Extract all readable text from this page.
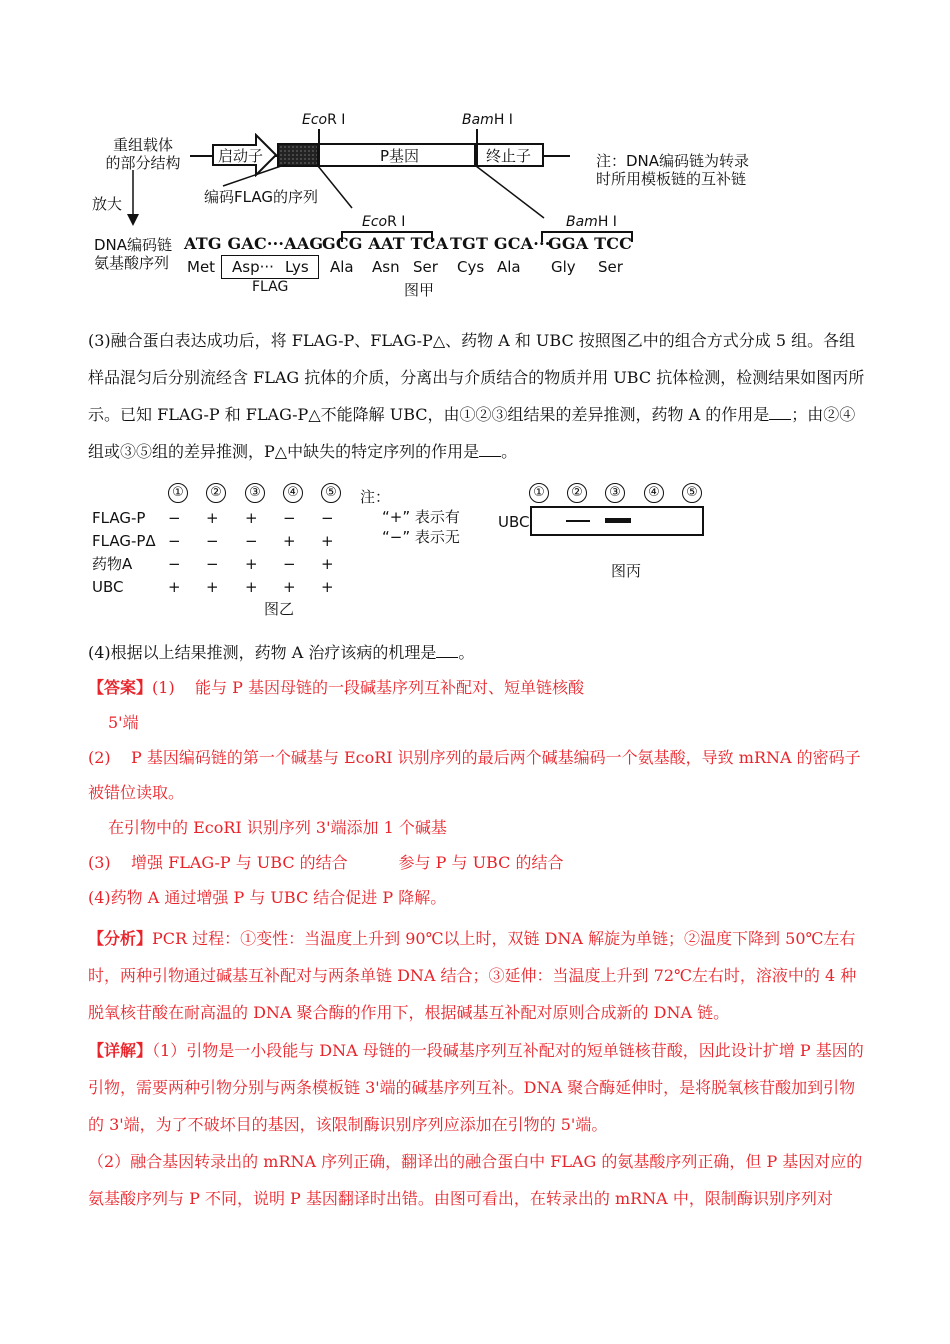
重组载体
的部分结构	启动子	P基因	终止子
EcoR I	BamH I
编码FLAG的序列
注：DNA编码链为转录
时所用模板链的互补链
放大
EcoR I	BamH I
DNA编码链
氨基酸序列
ATG GAC···AAG
GCG AAT TCA TGT GCA···
GGA TCC
Met Asp··· Lys Ala Asn Ser Cys Ala Gly Ser
FLAG	图甲
(3)融合蛋白表达成功后，将 FLAG-P、FLAG-P△、药物 A 和 UBC 按照图乙中的组合方式分成 5 组。各组样品混匀后分别流经含 FLAG 抗体的介质，分离出与介质结合的物质并用 UBC 抗体检测，检测结果如图丙所示。已知 FLAG-P 和 FLAG-P△不能降解 UBC，由①②③组结果的差异推测，药物 A 的作用是 ；由②④组或③⑤组的差异推测，P△中缺失的特定序列的作用是 。
①	②	③	④	⑤
FLAG-P	−	+	+	−	−
FLAG-PΔ	−	−	−	+	+
药物A	−	−	+	−	+
UBC	+	+	+	+	+
注：
“+” 表示有
“−” 表示无
图乙
①	②	③	④	⑤
UBC
图丙
(4)根据以上结果推测，药物 A 治疗该病的机理是 。
【答案】(1) 能与 P 基因母链的一段碱基序列互补配对、短单链核酸
5'端
(2) P 基因编码链的第一个碱基与 EcoRI 识别序列的最后两个碱基编码一个氨基酸，导致 mRNA 的密码子被错位读取。
在引物中的 EcoRI 识别序列 3'端添加 1 个碱基
(3) 增强 FLAG-P 与 UBC 的结合	参与 P 与 UBC 的结合
(4)药物 A 通过增强 P 与 UBC 结合促进 P 降解。
【分析】PCR 过程：①变性：当温度上升到 90℃以上时，双链 DNA 解旋为单链；②温度下降到 50℃左右时，两种引物通过碱基互补配对与两条单链 DNA 结合；③延伸：当温度上升到 72℃左右时，溶液中的 4 种脱氧核苷酸在耐高温的 DNA 聚合酶的作用下，根据碱基互补配对原则合成新的 DNA 链。
【详解】（1）引物是一小段能与 DNA 母链的一段碱基序列互补配对的短单链核苷酸，因此设计扩增 P 基因的引物，需要两种引物分别与两条模板链 3'端的碱基序列互补。DNA 聚合酶延伸时，是将脱氧核苷酸加到引物的 3'端，为了不破坏目的基因，该限制酶识别序列应添加在引物的 5'端。
（2）融合基因转录出的 mRNA 序列正确，翻译出的融合蛋白中 FLAG 的氨基酸序列正确，但 P 基因对应的氨基酸序列与 P 不同，说明 P 基因翻译时出错。由图可看出，在转录出的 mRNA 中，限制酶识别序列对
